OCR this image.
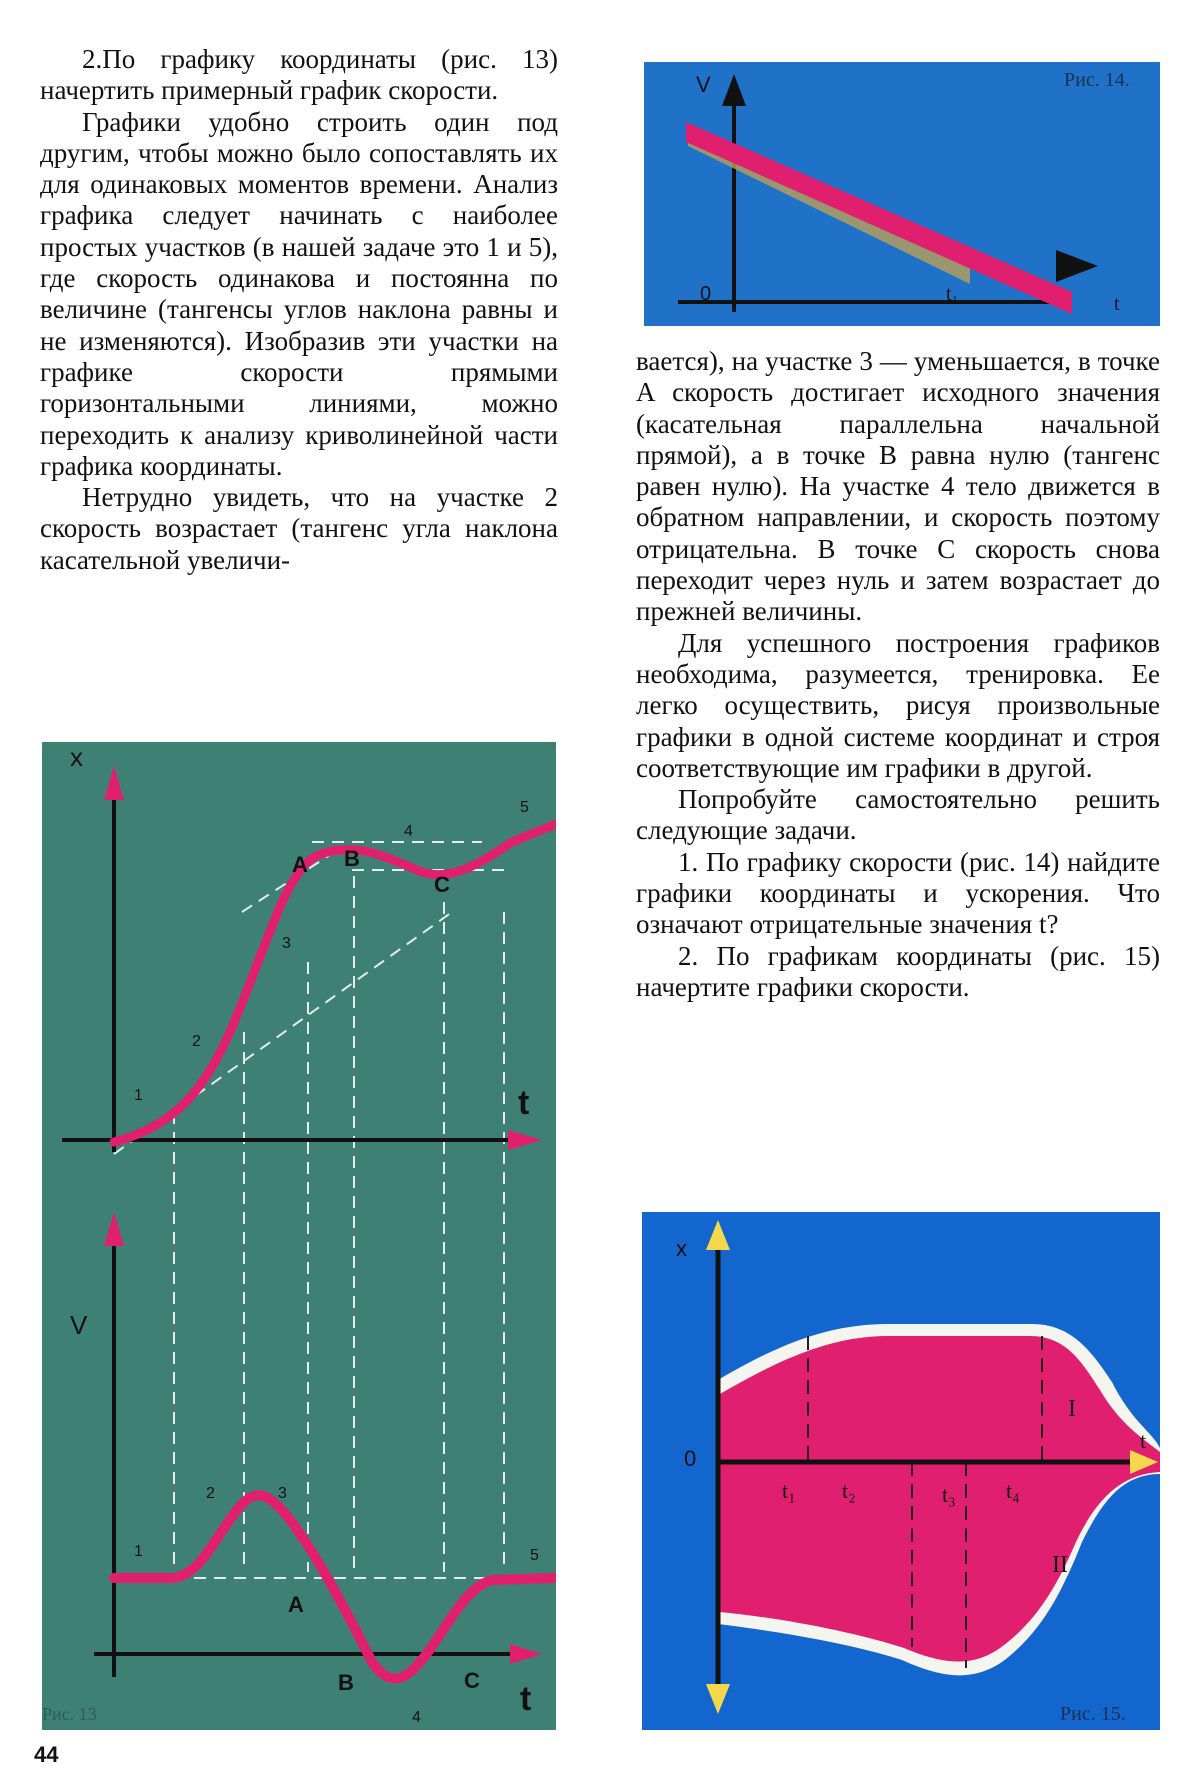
2.По графику координаты (рис. 13) начертить примерный график скорости.

Графики удобно строить один под другим, чтобы можно было сопоставлять их для одинаковых моментов времени. Анализ графика следует начинать с наиболее простых участков (в нашей задаче это 1 и 5), где скорость одинакова и постоянна по величине (тангенсы углов наклона равны и не изменяются). Изобразив эти участки на графике скорости прямыми горизонтальными линиями, можно переходить к анализу криволинейной части графика координаты.

Нетрудно увидеть, что на участке 2 скорость возрастает (тангенс угла наклона касательной увеличи-

вается), на участке 3 — уменьшается, в точке A скорость достигает исходного значения (касательная параллельна начальной прямой), а в точке B равна нулю (тангенс равен нулю). На участке 4 тело движется в обратном направлении, и скорость поэтому отрицательна. В точке C скорость снова переходит через нуль и затем возрастает до прежней величины.

Для успешного построения графиков необходима, разумеется, тренировка. Ее легко осуществить, рисуя произвольные графики в одной системе координат и строя соответствующие им графики в другой.

Попробуйте самостоятельно решить следующие задачи.

1. По графику скорости (рис. 14) найдите графики координаты и ускорения. Что означают отрицательные значения t?

2. По графикам координаты (рис. 15) начертите графики скорости.

V
t
0	t₁
Рис. 14.
x
t
V
t
1
2
3
4
5
1
2	3
4
5
A B
C
A
B	C
Рис. 13
x
t
0
t₁ t₂	t₃ t₄
I
II
Рис. 15.
44
